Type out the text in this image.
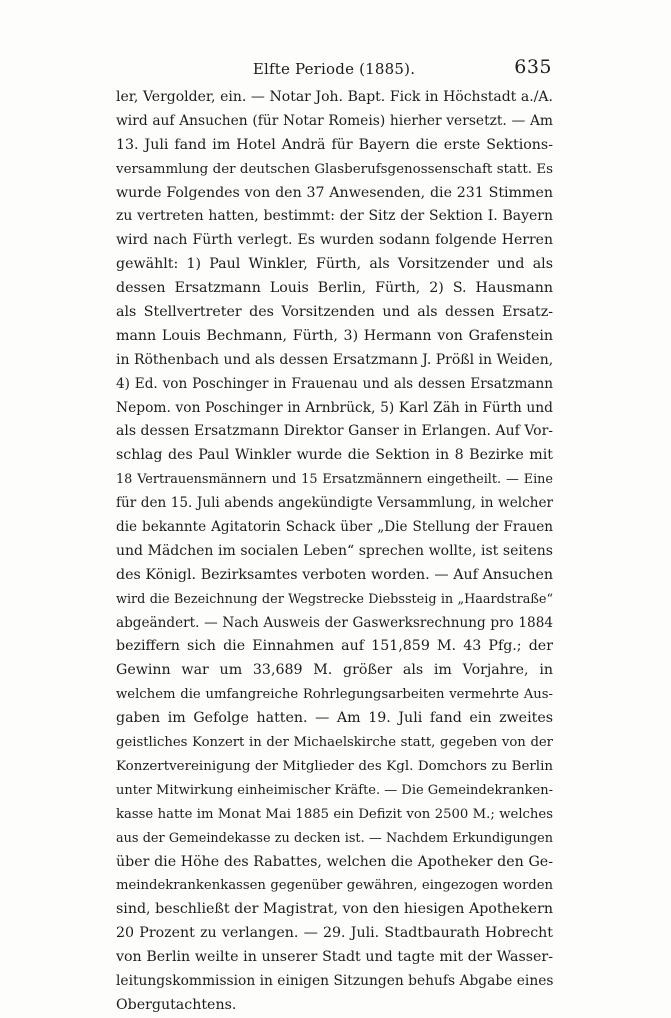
Elfte Periode (1885).	635
ler, Vergolder, ein. — Notar Joh. Bapt. Fick in Höchstadt a./A.
wird auf Ansuchen (für Notar Romeis) hierher versetzt. — Am
13. Juli fand im Hotel Andrä für Bayern die erste Sektions-
versammlung der deutschen Glasberufsgenossenschaft statt. Es
wurde Folgendes von den 37 Anwesenden, die 231 Stimmen
zu vertreten hatten, bestimmt: der Sitz der Sektion I. Bayern
wird nach Fürth verlegt. Es wurden sodann folgende Herren
gewählt: 1) Paul Winkler, Fürth, als Vorsitzender und als
dessen Ersatzmann Louis Berlin, Fürth, 2) S. Hausmann
als Stellvertreter des Vorsitzenden und als dessen Ersatz-
mann Louis Bechmann, Fürth, 3) Hermann von Grafenstein
in Röthenbach und als dessen Ersatzmann J. Prößl in Weiden,
4) Ed. von Poschinger in Frauenau und als dessen Ersatzmann
Nepom. von Poschinger in Arnbrück, 5) Karl Zäh in Fürth und
als dessen Ersatzmann Direktor Ganser in Erlangen. Auf Vor-
schlag des Paul Winkler wurde die Sektion in 8 Bezirke mit
18 Vertrauensmännern und 15 Ersatzmännern eingetheilt. — Eine
für den 15. Juli abends angekündigte Versammlung, in welcher
die bekannte Agitatorin Schack über „Die Stellung der Frauen
und Mädchen im socialen Leben“ sprechen wollte, ist seitens
des Königl. Bezirksamtes verboten worden. — Auf Ansuchen
wird die Bezeichnung der Wegstrecke Diebssteig in „Haardstraße“
abgeändert. — Nach Ausweis der Gaswerksrechnung pro 1884
beziffern sich die Einnahmen auf 151,859 M. 43 Pfg.; der
Gewinn war um 33,689 M. größer als im Vorjahre, in
welchem die umfangreiche Rohrlegungsarbeiten vermehrte Aus-
gaben im Gefolge hatten. — Am 19. Juli fand ein zweites
geistliches Konzert in der Michaelskirche statt, gegeben von der
Konzertvereinigung der Mitglieder des Kgl. Domchors zu Berlin
unter Mitwirkung einheimischer Kräfte. — Die Gemeindekranken-
kasse hatte im Monat Mai 1885 ein Defizit von 2500 M.; welches
aus der Gemeindekasse zu decken ist. — Nachdem Erkundigungen
über die Höhe des Rabattes, welchen die Apotheker den Ge-
meindekrankenkassen gegenüber gewähren, eingezogen worden
sind, beschließt der Magistrat, von den hiesigen Apothekern
20 Prozent zu verlangen. — 29. Juli. Stadtbaurath Hobrecht
von Berlin weilte in unserer Stadt und tagte mit der Wasser-
leitungskommission in einigen Sitzungen behufs Abgabe eines
Obergutachtens.
